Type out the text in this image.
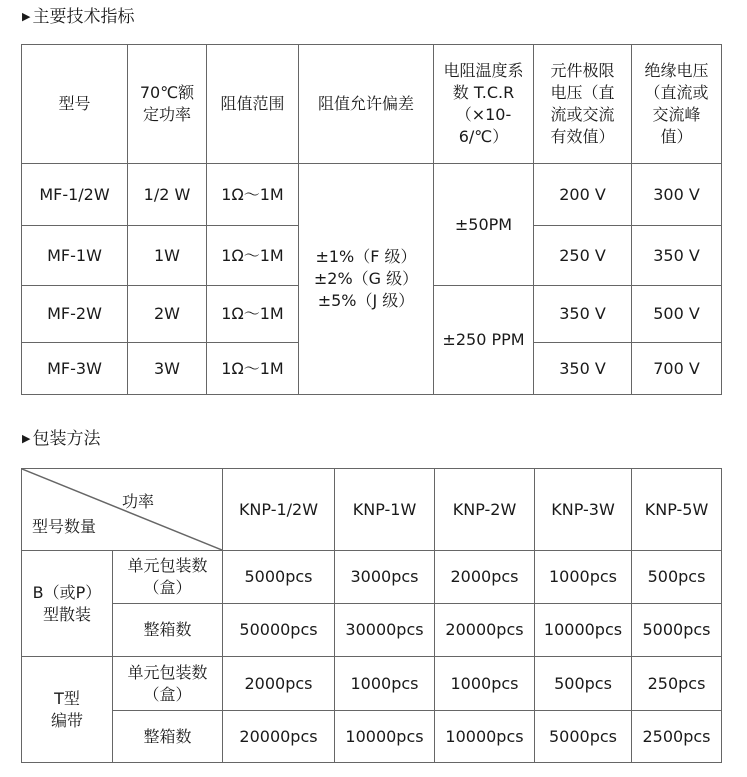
▶ 主要技术指标
型号	70℃额
定功率	阻值范围	阻值允许偏差	电阻温度系
数 T.C.R
（×10-
6/℃）	元件极限
电压（直
流或交流
有效值）	绝缘电压
（直流或
交流峰
值）
MF-1/2W	1/2 W	1Ω～1M	±1%（F 级）
±2%（G 级）
±5%（J 级）	±50PM	200 V	300 V
MF-1W	1W	1Ω～1M			250 V	350 V
MF-2W	2W	1Ω～1M		±250 PPM	350 V	500 V
MF-3W	3W	1Ω～1M			350 V	700 V
▶ 包装方法
功率
型号数量		KNP-1/2W	KNP-1W	KNP-2W	KNP-3W	KNP-5W
B（或P）
型散装	单元包装数
（盒）	5000pcs	3000pcs	2000pcs	1000pcs	500pcs
	整箱数	50000pcs	30000pcs	20000pcs	10000pcs	5000pcs
T型
编带	单元包装数
（盒）	2000pcs	1000pcs	1000pcs	500pcs	250pcs
	整箱数	20000pcs	10000pcs	10000pcs	5000pcs	2500pcs
